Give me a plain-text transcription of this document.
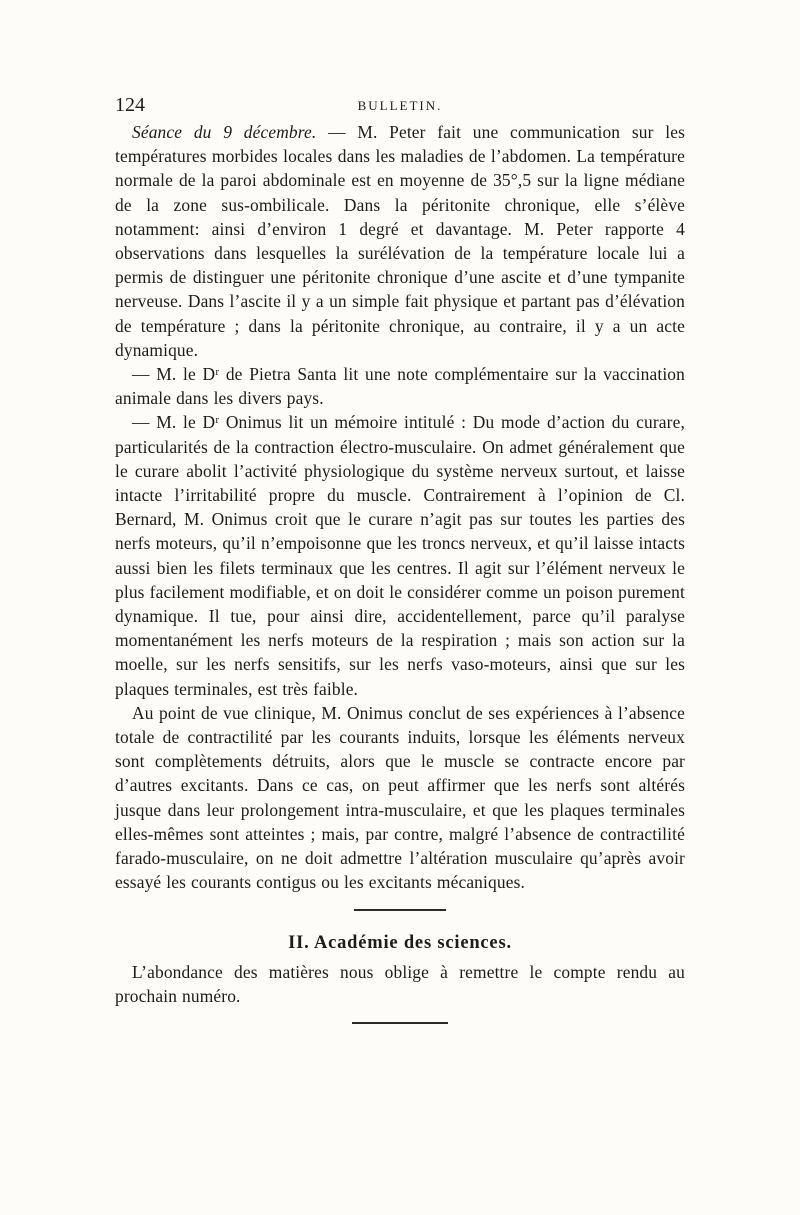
124	BULLETIN.

Séance du 9 décembre. — M. Peter fait une communication sur les températures morbides locales dans les maladies de l’abdomen. La température normale de la paroi abdominale est en moyenne de 35°,5 sur la ligne médiane de la zone sus-ombilicale. Dans la péritonite chronique, elle s’élève notamment: ainsi d’environ 1 degré et davantage. M. Peter rapporte 4 observations dans lesquelles la surélévation de la température locale lui a permis de distinguer une péritonite chronique d’une ascite et d’une tympanite nerveuse. Dans l’ascite il y a un simple fait physique et partant pas d’élévation de température ; dans la péritonite chronique, au contraire, il y a un acte dynamique.

— M. le Dʳ de Pietra Santa lit une note complémentaire sur la vaccination animale dans les divers pays.

— M. le Dʳ Onimus lit un mémoire intitulé : Du mode d’action du curare, particularités de la contraction électro-musculaire. On admet généralement que le curare abolit l’activité physiologique du système nerveux surtout, et laisse intacte l’irritabilité propre du muscle. Contrairement à l’opinion de Cl. Bernard, M. Onimus croit que le curare n’agit pas sur toutes les parties des nerfs moteurs, qu’il n’empoisonne que les troncs nerveux, et qu’il laisse intacts aussi bien les filets terminaux que les centres. Il agit sur l’élément nerveux le plus facilement modifiable, et on doit le considérer comme un poison purement dynamique. Il tue, pour ainsi dire, accidentellement, parce qu’il paralyse momentanément les nerfs moteurs de la respiration ; mais son action sur la moelle, sur les nerfs sensitifs, sur les nerfs vaso-moteurs, ainsi que sur les plaques terminales, est très faible.

Au point de vue clinique, M. Onimus conclut de ses expériences à l’absence totale de contractilité par les courants induits, lorsque les éléments nerveux sont complètements détruits, alors que le muscle se contracte encore par d’autres excitants. Dans ce cas, on peut affirmer que les nerfs sont altérés jusque dans leur prolongement intra-musculaire, et que les plaques terminales elles-mêmes sont atteintes ; mais, par contre, malgré l’absence de contractilité farado-musculaire, on ne doit admettre l’altération musculaire qu’après avoir essayé les courants contigus ou les excitants mécaniques.

II. Académie des sciences.

L’abondance des matières nous oblige à remettre le compte rendu au prochain numéro.
